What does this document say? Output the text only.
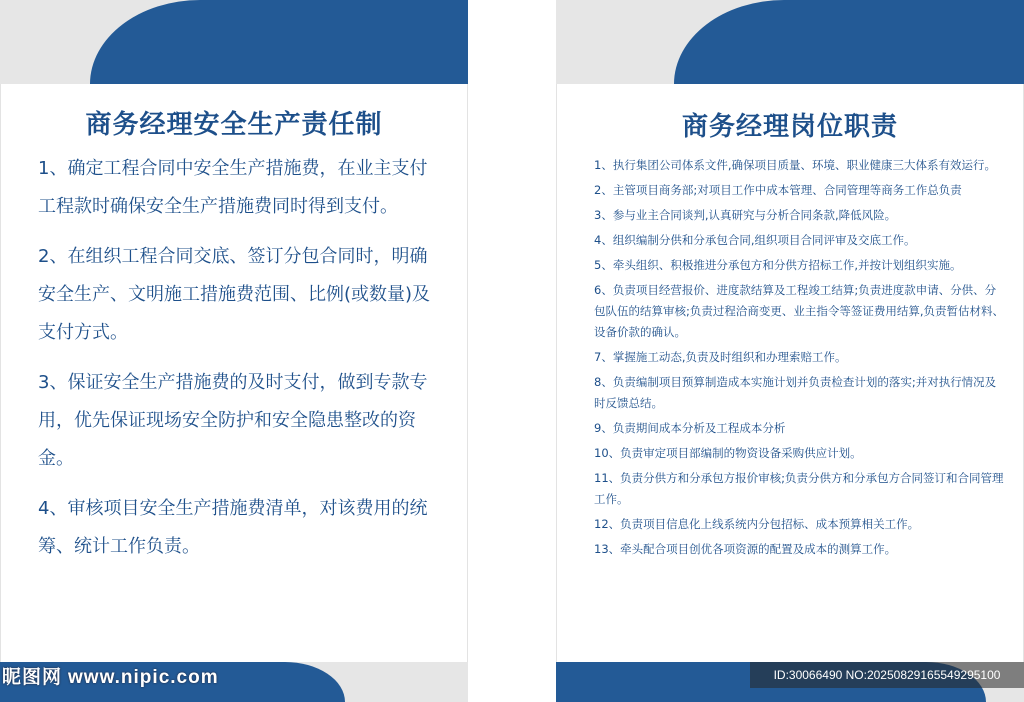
商务经理安全生产责任制
1、确定工程合同中安全生产措施费，在业主支付工程款时确保安全生产措施费同时得到支付。
2、在组织工程合同交底、签订分包合同时，明确安全生产、文明施工措施费范围、比例(或数量)及支付方式。
3、保证安全生产措施费的及时支付，做到专款专用，优先保证现场安全防护和安全隐患整改的资金。
4、审核项目安全生产措施费清单，对该费用的统筹、统计工作负责。
商务经理岗位职责
1、执行集团公司体系文件,确保项目质量、环境、职业健康三大体系有效运行。
2、主管项目商务部;对项目工作中成本管理、合同管理等商务工作总负责
3、参与业主合同谈判,认真研究与分析合同条款,降低风险。
4、组织编制分供和分承包合同,组织项目合同评审及交底工作。
5、牵头组织、积极推进分承包方和分供方招标工作,并按计划组织实施。
6、负责项目经营报价、进度款结算及工程竣工结算;负责进度款申请、分供、分包队伍的结算审核;负责过程洽商变更、业主指令等签证费用结算,负责暂估材料、设备价款的确认。
7、掌握施工动态,负责及时组织和办理索赔工作。
8、负责编制项目预算制造成本实施计划并负责检查计划的落实;并对执行情况及时反馈总结。
9、负责期间成本分析及工程成本分析
10、负责审定项目部编制的物资设备采购供应计划。
11、负责分供方和分承包方报价审核;负责分供方和分承包方合同签订和合同管理工作。
12、负责项目信息化上线系统内分包招标、成本预算相关工作。
13、牵头配合项目创优各项资源的配置及成本的测算工作。
昵图网 www.nipic.com	ID:30066490 NO:20250829165549295100
